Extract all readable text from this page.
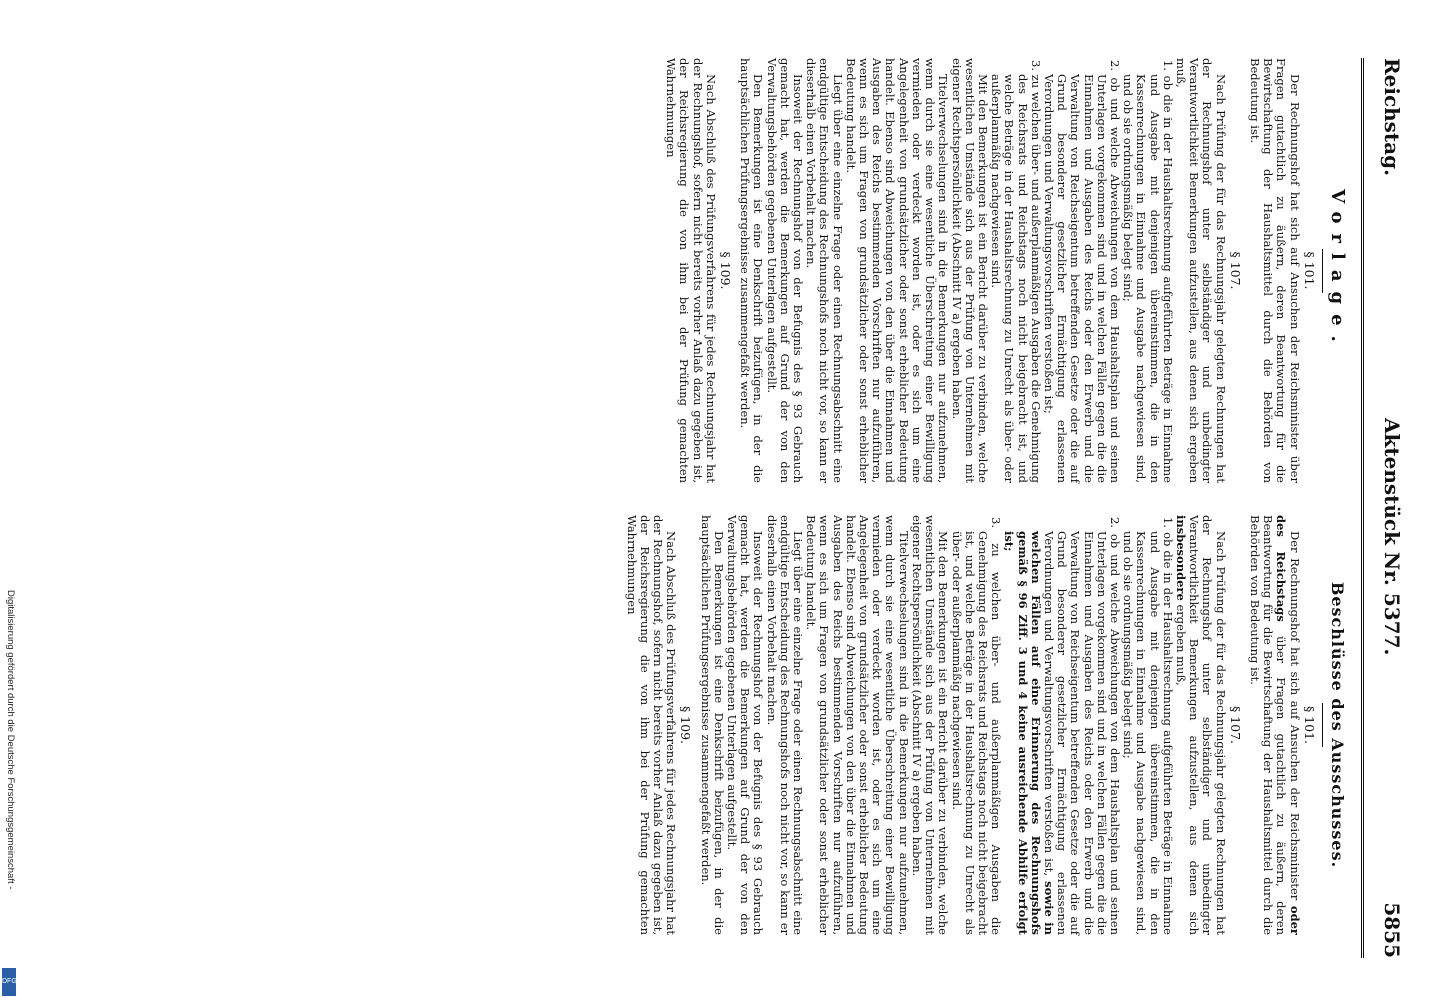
Reichstag.
Aktenstück Nr. 5377.
5855
Vorlage.
§ 101.

Der Rechnungshof hat sich auf Ansuchen der Reichsminister über Fragen gutachtlich zu äußern, deren Beantwortung für die Bewirtschaftung der Haushaltsmittel durch die Behörden von Bedeutung ist.

§ 107.

Nach Prüfung der für das Rechnungsjahr gelegten Rechnungen hat der Rechnungshof unter selbständiger und unbedingter Verantwortlichkeit Bemerkungen aufzustellen, aus denen sich ergeben muß,

1. ob die in der Haushaltsrechnung aufgeführten Beträge in Einnahme und Ausgabe mit denjenigen übereinstimmen, die in den Kassenrechnungen in Einnahme und Ausgabe nachgewiesen sind, und ob sie ordnungsmäßig belegt sind;

2. ob und welche Abweichungen von dem Haushaltsplan und seinen Unterlagen vorgekommen sind und in welchen Fällen gegen die die Einnahmen und Ausgaben des Reichs oder den Erwerb und die Verwaltung von Reichseigentum betreffenden Gesetze oder die auf Grund besonderer gesetzlicher Ermächtigung erlassenen Verordnungen und Verwaltungsvorschriften verstoßen ist;

3. zu welchen über- und außerplanmäßigen Ausgaben die Genehmigung des Reichsrats und Reichstags noch nicht beigebracht ist, und welche Beträge in der Haushaltsrechnung zu Unrecht als über- oder außerplanmäßig nachgewiesen sind.

Mit den Bemerkungen ist ein Bericht darüber zu verbinden, welche wesentlichen Umstände sich aus der Prüfung von Unternehmen mit eigener Rechtspersönlichkeit (Abschnitt IV a) ergeben haben.

Titelverwechselungen sind in die Bemerkungen nur aufzunehmen, wenn durch sie eine wesentliche Überschreitung einer Bewilligung vermieden oder verdeckt worden ist, oder es sich um eine Angelegenheit von grundsätzlicher oder sonst erheblicher Bedeutung handelt. Ebenso sind Abweichungen von den über die Einnahmen und Ausgaben des Reichs bestimmenden Vorschriften nur aufzuführen, wenn es sich um Fragen von grundsätzlicher oder sonst erheblicher Bedeutung handelt.

Liegt über eine einzelne Frage oder einen Rechnungsabschnitt eine endgültige Entscheidung des Rechnungshofs noch nicht vor, so kann er dieserhalb einen Vorbehalt machen.

Insoweit der Rechnungshof von der Befugnis des § 93 Gebrauch gemacht hat, werden die Bemerkungen auf Grund der von den Verwaltungsbehörden gegebenen Unterlagen aufgestellt.

Den Bemerkungen ist eine Denkschrift beizufügen, in der die hauptsächlichen Prüfungsergebnisse zusammengefaßt werden.

§ 109.

Nach Abschluß des Prüfungsverfahrens für jedes Rechnungsjahr hat der Rechnungshof, sofern nicht bereits vorher Anlaß dazu gegeben ist, der Reichsregierung die von ihm bei der Prüfung gemachten Wahrnehmungen

Beschlüsse des Ausschusses.
§ 101.

Der Rechnungshof hat sich auf Ansuchen der Reichsminister oder des Reichstags über Fragen gutachtlich zu äußern, deren Beantwortung für die Bewirtschaftung der Haushaltsmittel durch die Behörden von Bedeutung ist.

§ 107.

Nach Prüfung der für das Rechnungsjahr gelegten Rechnungen hat der Rechnungshof unter selbständiger und unbedingter Verantwortlichkeit Bemerkungen aufzustellen, aus denen sich insbesondere ergeben muß,

1. ob die in der Haushaltsrechnung aufgeführten Beträge in Einnahme und Ausgabe mit denjenigen übereinstimmen, die in den Kassenrechnungen in Einnahme und Ausgabe nachgewiesen sind, und ob sie ordnungsmäßig belegt sind;

2. ob und welche Abweichungen von dem Haushaltsplan und seinen Unterlagen vorgekommen sind und in welchen Fällen gegen die die Einnahmen und Ausgaben des Reichs oder den Erwerb und die Verwaltung von Reichseigentum betreffenden Gesetze oder die auf Grund besonderer gesetzlicher Ermächtigung erlassenen Verordnungen und Verwaltungsvorschriften verstoßen ist, sowie in welchen Fällen auf eine Erinnerung des Rechnungshofs gemäß § 96 Ziff. 3 und 4 keine ausreichende Abhilfe erfolgt ist;

3. zu welchen über- und außerplanmäßigen Ausgaben die Genehmigung des Reichsrats und Reichstags noch nicht beigebracht ist, und welche Beträge in der Haushaltsrechnung zu Unrecht als über- oder außerplanmäßig nachgewiesen sind.

Mit den Bemerkungen ist ein Bericht darüber zu verbinden, welche wesentlichen Umstände sich aus der Prüfung von Unternehmen mit eigener Rechtspersönlichkeit (Abschnitt IV a) ergeben haben.

Titelverwechselungen sind in die Bemerkungen nur aufzunehmen, wenn durch sie eine wesentliche Überschreitung einer Bewilligung vermieden oder verdeckt worden ist, oder es sich um eine Angelegenheit von grundsätzlicher oder sonst erheblicher Bedeutung handelt. Ebenso sind Abweichungen von den über die Einnahmen und Ausgaben des Reichs bestimmenden Vorschriften nur aufzuführen, wenn es sich um Fragen von grundsätzlicher oder sonst erheblicher Bedeutung handelt.

Liegt über eine einzelne Frage oder einen Rechnungsabschnitt eine endgültige Entscheidung des Rechnungshofs noch nicht vor, so kann er dieserhalb einen Vorbehalt machen.

Insoweit der Rechnungshof von der Befugnis des § 93 Gebrauch gemacht hat, werden die Bemerkungen auf Grund der von den Verwaltungsbehörden gegebenen Unterlagen aufgestellt.

Den Bemerkungen ist eine Denkschrift beizufügen, in der die hauptsächlichen Prüfungsergebnisse zusammengefaßt werden.

§ 109.

Nach Abschluß des Prüfungsverfahrens für jedes Rechnungsjahr hat der Rechnungshof, sofern nicht bereits vorher Anlaß dazu gegeben ist, der Reichsregierung die von ihm bei der Prüfung gemachten Wahrnehmungen

Digitalisierung gefördert durch die Deutsche Forschungsgemeinschaft -
DFG
